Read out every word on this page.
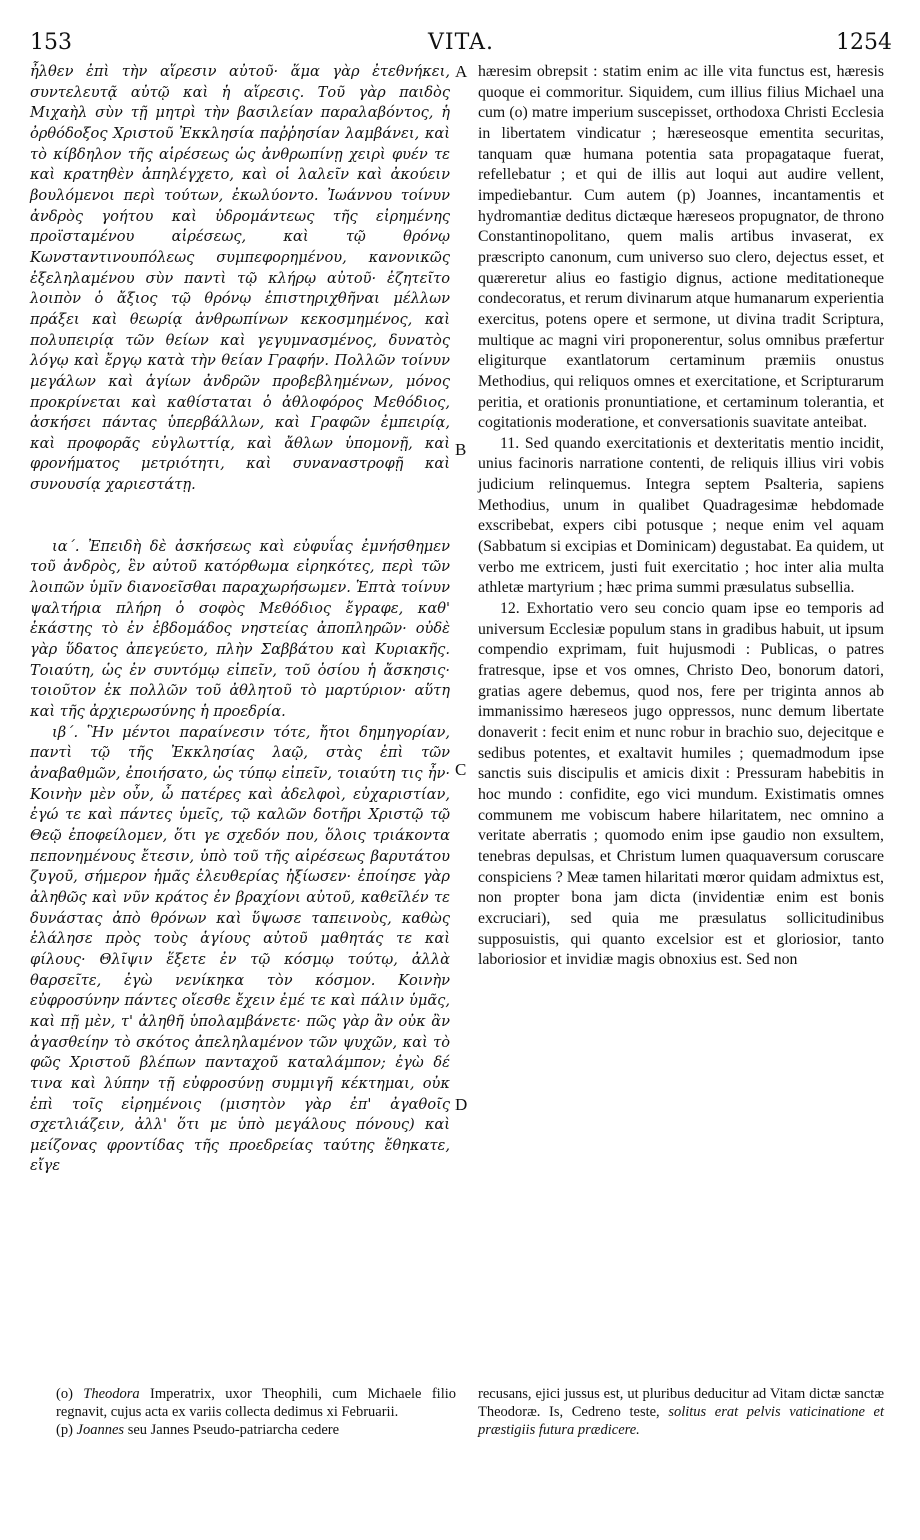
153	VITA.	1254

ἦλθεν ἐπὶ τὴν αἵρεσιν αὐτοῦ· ἅμα γὰρ ἐτεθνήκει, συντελευτᾷ αὐτῷ καὶ ἡ αἵρεσις. Τοῦ γὰρ παιδὸς Μιχαὴλ σὺν τῇ μητρὶ τὴν βασιλείαν παραλαβόντος, ἡ ὀρθόδοξος Χριστοῦ Ἐκκλησία παῤῥησίαν λαμβάνει, καὶ τὸ κίβδηλον τῆς αἱρέσεως ὡς ἀνθρωπίνῃ χειρὶ φυέν τε καὶ κρατηθὲν ἀπηλέγχετο, καὶ οἱ λαλεῖν καὶ ἀκούειν βουλόμενοι περὶ τούτων, ἐκωλύοντο. Ἰωάννου τοίνυν ἀνδρὸς γοήτου καὶ ὑδρομάντεως τῆς εἰρημένης προϊσταμένου αἱρέσεως, καὶ τῷ θρόνῳ Κωνσταντινουπόλεως συμπεφορημένου, κανονικῶς ἐξεληλαμένου σὺν παντὶ τῷ κλήρῳ αὐτοῦ· ἐζητεῖτο λοιπὸν ὁ ἄξιος τῷ θρόνῳ ἐπιστηριχθῆναι μέλλων πράξει καὶ θεωρίᾳ ἀνθρωπίνων κεκοσμημένος, καὶ πολυπειρίᾳ τῶν θείων καὶ γεγυμνασμένος, δυνατὸς λόγῳ καὶ ἔργῳ κατὰ τὴν θείαν Γραφήν. Πολλῶν τοίνυν μεγάλων καὶ ἁγίων ἀνδρῶν προβεβλημένων, μόνος προκρίνεται καὶ καθίσταται ὁ ἀθλοφόρος Μεθόδιος, ἀσκήσει πάντας ὑπερβάλλων, καὶ Γραφῶν ἐμπειρίᾳ, καὶ προφορᾶς εὐγλωττίᾳ, καὶ ἄθλων ὑπομονῇ, καὶ φρονήματος μετριότητι, καὶ συναναστροφῇ καὶ συνουσίᾳ χαριεστάτῃ.

ια΄. Ἐπειδὴ δὲ ἀσκήσεως καὶ εὐφυΐας ἐμνήσθημεν τοῦ ἀνδρὸς, ἓν αὐτοῦ κατόρθωμα εἰρηκότες, περὶ τῶν λοιπῶν ὑμῖν διανοεῖσθαι παραχωρήσωμεν. Ἑπτὰ τοίνυν ψαλτήρια πλήρη ὁ σοφὸς Μεθόδιος ἔγραφε, καθ' ἑκάστης τὸ ἐν ἑβδομάδος νηστείας ἀποπληρῶν· οὐδὲ γὰρ ὕδατος ἀπεγεύετο, πλὴν Σαββάτου καὶ Κυριακῆς. Τοιαύτη, ὡς ἐν συντόμῳ εἰπεῖν, τοῦ ὁσίου ἡ ἄσκησις· τοιοῦτον ἐκ πολλῶν τοῦ ἀθλητοῦ τὸ μαρτύριον· αὕτη καὶ τῆς ἀρχιερωσύνης ἡ προεδρία.

ιβ΄. Ἣν μέντοι παραίνεσιν τότε, ἤτοι δημηγορίαν, παντὶ τῷ τῆς Ἐκκλησίας λαῷ, στὰς ἐπὶ τῶν ἀναβαθμῶν, ἐποιήσατο, ὡς τύπῳ εἰπεῖν, τοιαύτη τις ἦν· Κοινὴν μὲν οὖν, ὦ πατέρες καὶ ἀδελφοὶ, εὐχαριστίαν, ἐγώ τε καὶ πάντες ὑμεῖς, τῷ καλῶν δοτῆρι Χριστῷ τῷ Θεῷ ἐποφείλομεν, ὅτι γε σχεδόν που, ὅλοις τριάκοντα πεπονημένους ἔτεσιν, ὑπὸ τοῦ τῆς αἱρέσεως βαρυτάτου ζυγοῦ, σήμερον ἡμᾶς ἐλευθερίας ἠξίωσεν· ἐποίησε γὰρ ἀληθῶς καὶ νῦν κράτος ἐν βραχίονι αὐτοῦ, καθεῖλέν τε δυνάστας ἀπὸ θρόνων καὶ ὕψωσε ταπεινοὺς, καθὼς ἐλάλησε πρὸς τοὺς ἁγίους αὐτοῦ μαθητάς τε καὶ φίλους· Θλῖψιν ἕξετε ἐν τῷ κόσμῳ τούτῳ, ἀλλὰ θαρσεῖτε, ἐγὼ νενίκηκα τὸν κόσμον. Κοινὴν εὐφροσύνην πάντες οἴεσθε ἔχειν ἐμέ τε καὶ πάλιν ὑμᾶς, καὶ πῇ μὲν, τ' ἀληθῆ ὑπολαμβάνετε· πῶς γὰρ ἂν οὐκ ἂν ἀγασθείην τὸ σκότος ἀπεληλαμένον τῶν ψυχῶν, καὶ τὸ φῶς Χριστοῦ βλέπων πανταχοῦ καταλάμπον; ἐγὼ δέ τινα καὶ λύπην τῇ εὐφροσύνῃ συμμιγῆ κέκτημαι, οὐκ ἐπὶ τοῖς εἰρημένοις (μισητὸν γὰρ ἐπ' ἀγαθοῖς σχετλιάζειν, ἀλλ' ὅτι με ὑπὸ μεγάλους πόνους) καὶ μείζονας φροντίδας τῆς προεδρείας ταύτης ἔθηκατε, εἴγε

A
B
C
D

hæresim obrepsit : statim enim ac ille vita functus est, hæresis quoque ei commoritur. Siquidem, cum illius filius Michael una cum (o) matre imperium suscepisset, orthodoxa Christi Ecclesia in libertatem vindicatur ; hæreseosque ementita securitas, tanquam quæ humana potentia sata propagataque fuerat, refellebatur ; et qui de illis aut loqui aut audire vellent, impediebantur. Cum autem (p) Joannes, incantamentis et hydromantiæ deditus dictæque hæreseos propugnator, de throno Constantinopolitano, quem malis artibus invaserat, ex præscripto canonum, cum universo suo clero, dejectus esset, et quæreretur alius eo fastigio dignus, actione meditationeque condecoratus, et rerum divinarum atque humanarum experientia exercitus, potens opere et sermone, ut divina tradit Scriptura, multique ac magni viri proponerentur, solus omnibus præfertur eligiturque exantlatorum certaminum præmiis onustus Methodius, qui reliquos omnes et exercitatione, et Scripturarum peritia, et orationis pronuntiatione, et certaminum tolerantia, et cogitationis moderatione, et conversationis suavitate anteibat.

11. Sed quando exercitationis et dexteritatis mentio incidit, unius facinoris narratione contenti, de reliquis illius viri vobis judicium relinquemus. Integra septem Psalteria, sapiens Methodius, unum in qualibet Quadragesimæ hebdomade exscribebat, expers cibi potusque ; neque enim vel aquam (Sabbatum si excipias et Dominicam) degustabat. Ea quidem, ut verbo me extricem, justi fuit exercitatio ; hoc inter alia multa athletæ martyrium ; hæc prima summi præsulatus subsellia.

12. Exhortatio vero seu concio quam ipse eo temporis ad universum Ecclesiæ populum stans in gradibus habuit, ut ipsum compendio exprimam, fuit hujusmodi : Publicas, o patres fratresque, ipse et vos omnes, Christo Deo, bonorum datori, gratias agere debemus, quod nos, fere per triginta annos ab immanissimo hæreseos jugo oppressos, nunc demum libertate donaverit : fecit enim et nunc robur in brachio suo, dejecitque e sedibus potentes, et exaltavit humiles ; quemadmodum ipse sanctis suis discipulis et amicis dixit : Pressuram habebitis in hoc mundo : confidite, ego vici mundum. Existimatis omnes communem me vobiscum habere hilaritatem, nec omnino a veritate aberratis ; quomodo enim ipse gaudio non exsultem, tenebras depulsas, et Christum lumen quaquaversum coruscare conspiciens ? Meæ tamen hilaritati mœror quidam admixtus est, non propter bona jam dicta (invidentiæ enim est bonis excruciari), sed quia me præsulatus sollicitudinibus supposuistis, qui quanto excelsior est et gloriosior, tanto laboriosior et invidiæ magis obnoxius est. Sed non

(o) Theodora Imperatrix, uxor Theophili, cum Michaele filio regnavit, cujus acta ex variis collecta dedimus xi Februarii.

(p) Joannes seu Jannes Pseudo-patriarcha cedere

recusans, ejici jussus est, ut pluribus deducitur ad Vitam dictæ sanctæ Theodoræ. Is, Cedreno teste, solitus erat pelvis vaticinatione et præstigiis futura prædicere.
